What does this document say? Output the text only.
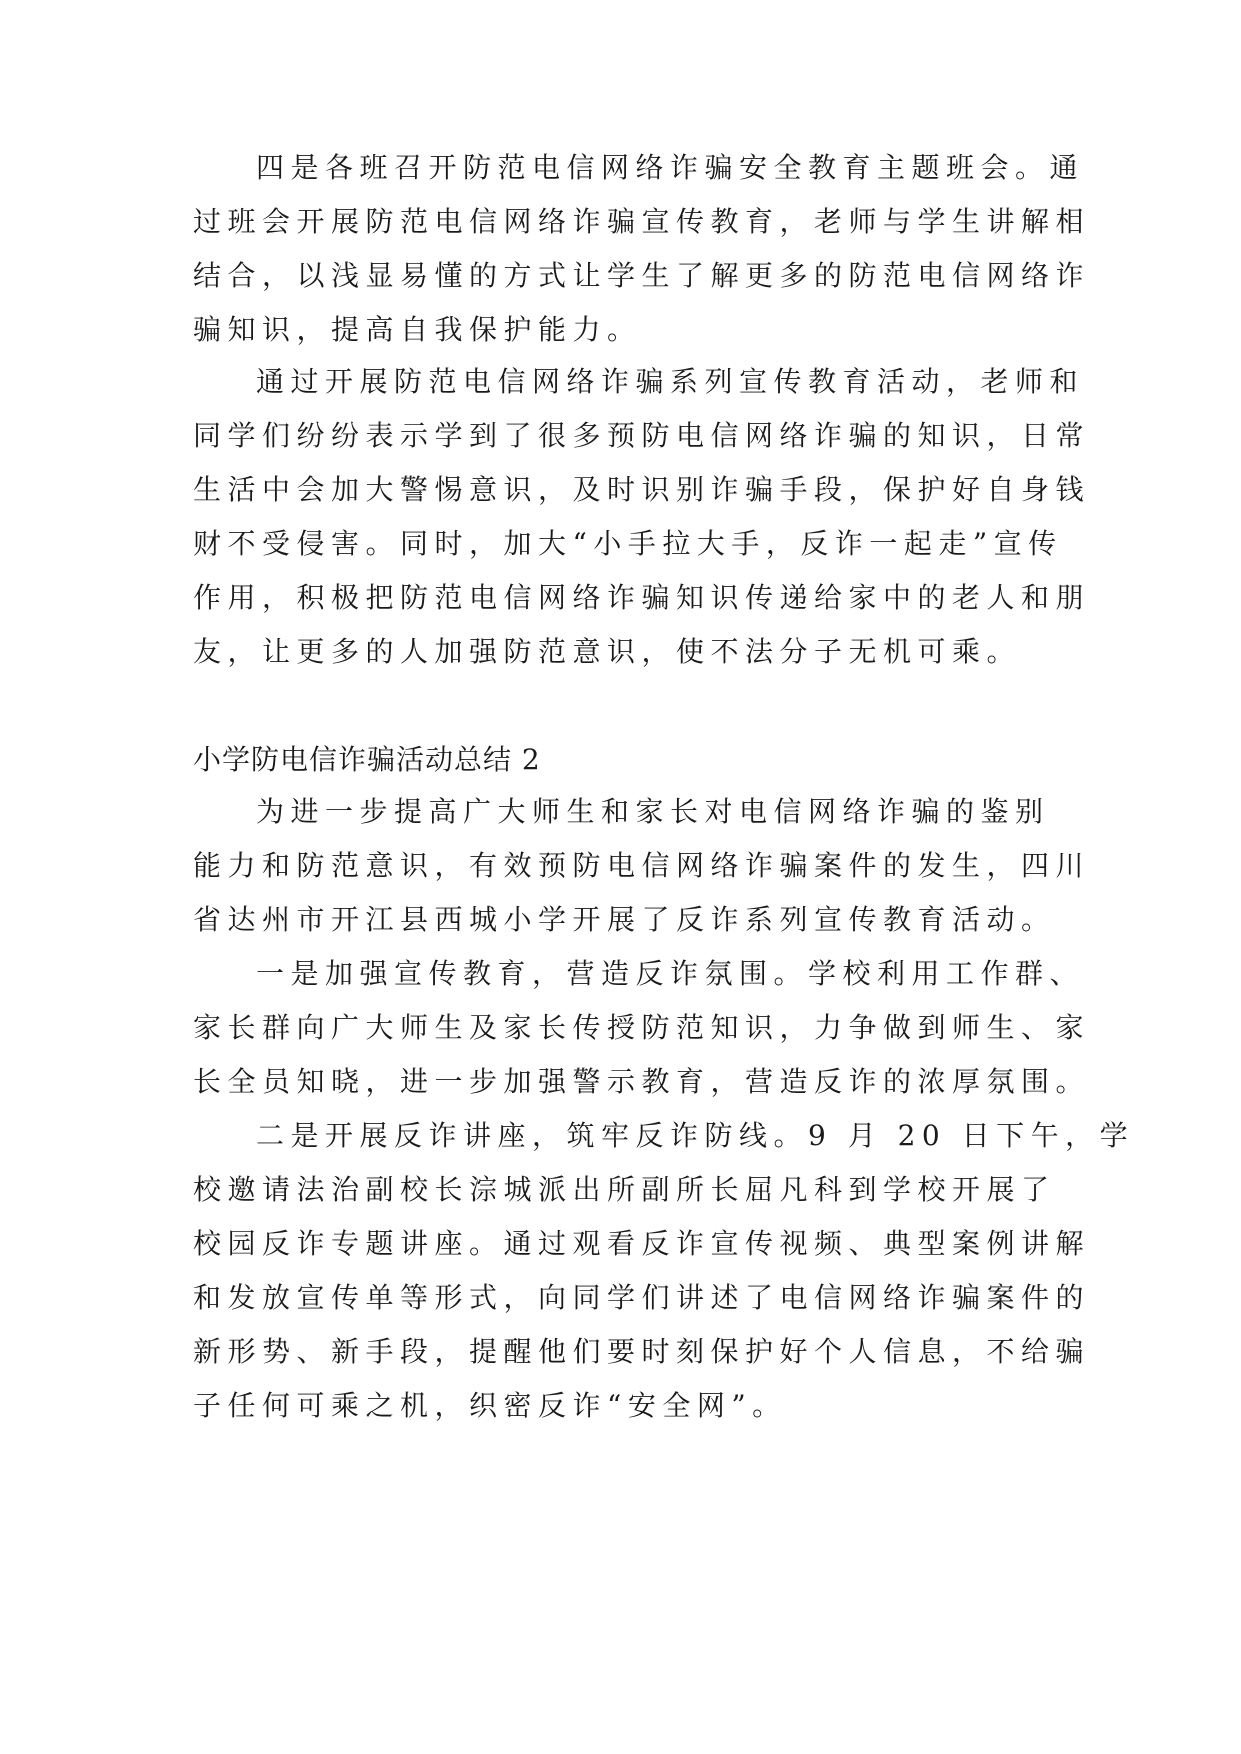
四是各班召开防范电信网络诈骗安全教育主题班会。通

过班会开展防范电信网络诈骗宣传教育，老师与学生讲解相

结合，以浅显易懂的方式让学生了解更多的防范电信网络诈

骗知识，提高自我保护能力。

通过开展防范电信网络诈骗系列宣传教育活动，老师和

同学们纷纷表示学到了很多预防电信网络诈骗的知识，日常

生活中会加大警惕意识，及时识别诈骗手段，保护好自身钱

财不受侵害。同时，加大“小手拉大手，反诈一起走”宣传

作用，积极把防范电信网络诈骗知识传递给家中的老人和朋

友，让更多的人加强防范意识，使不法分子无机可乘。

小学防电信诈骗活动总结 2

为进一步提高广大师生和家长对电信网络诈骗的鉴别

能力和防范意识，有效预防电信网络诈骗案件的发生，四川

省达州市开江县西城小学开展了反诈系列宣传教育活动。

一是加强宣传教育，营造反诈氛围。学校利用工作群、

家长群向广大师生及家长传授防范知识，力争做到师生、家

长全员知晓，进一步加强警示教育，营造反诈的浓厚氛围。

二是开展反诈讲座，筑牢反诈防线。9 月 20 日下午，学

校邀请法治副校长淙城派出所副所长屈凡科到学校开展了

校园反诈专题讲座。通过观看反诈宣传视频、典型案例讲解

和发放宣传单等形式，向同学们讲述了电信网络诈骗案件的

新形势、新手段，提醒他们要时刻保护好个人信息，不给骗

子任何可乘之机，织密反诈“安全网”。
